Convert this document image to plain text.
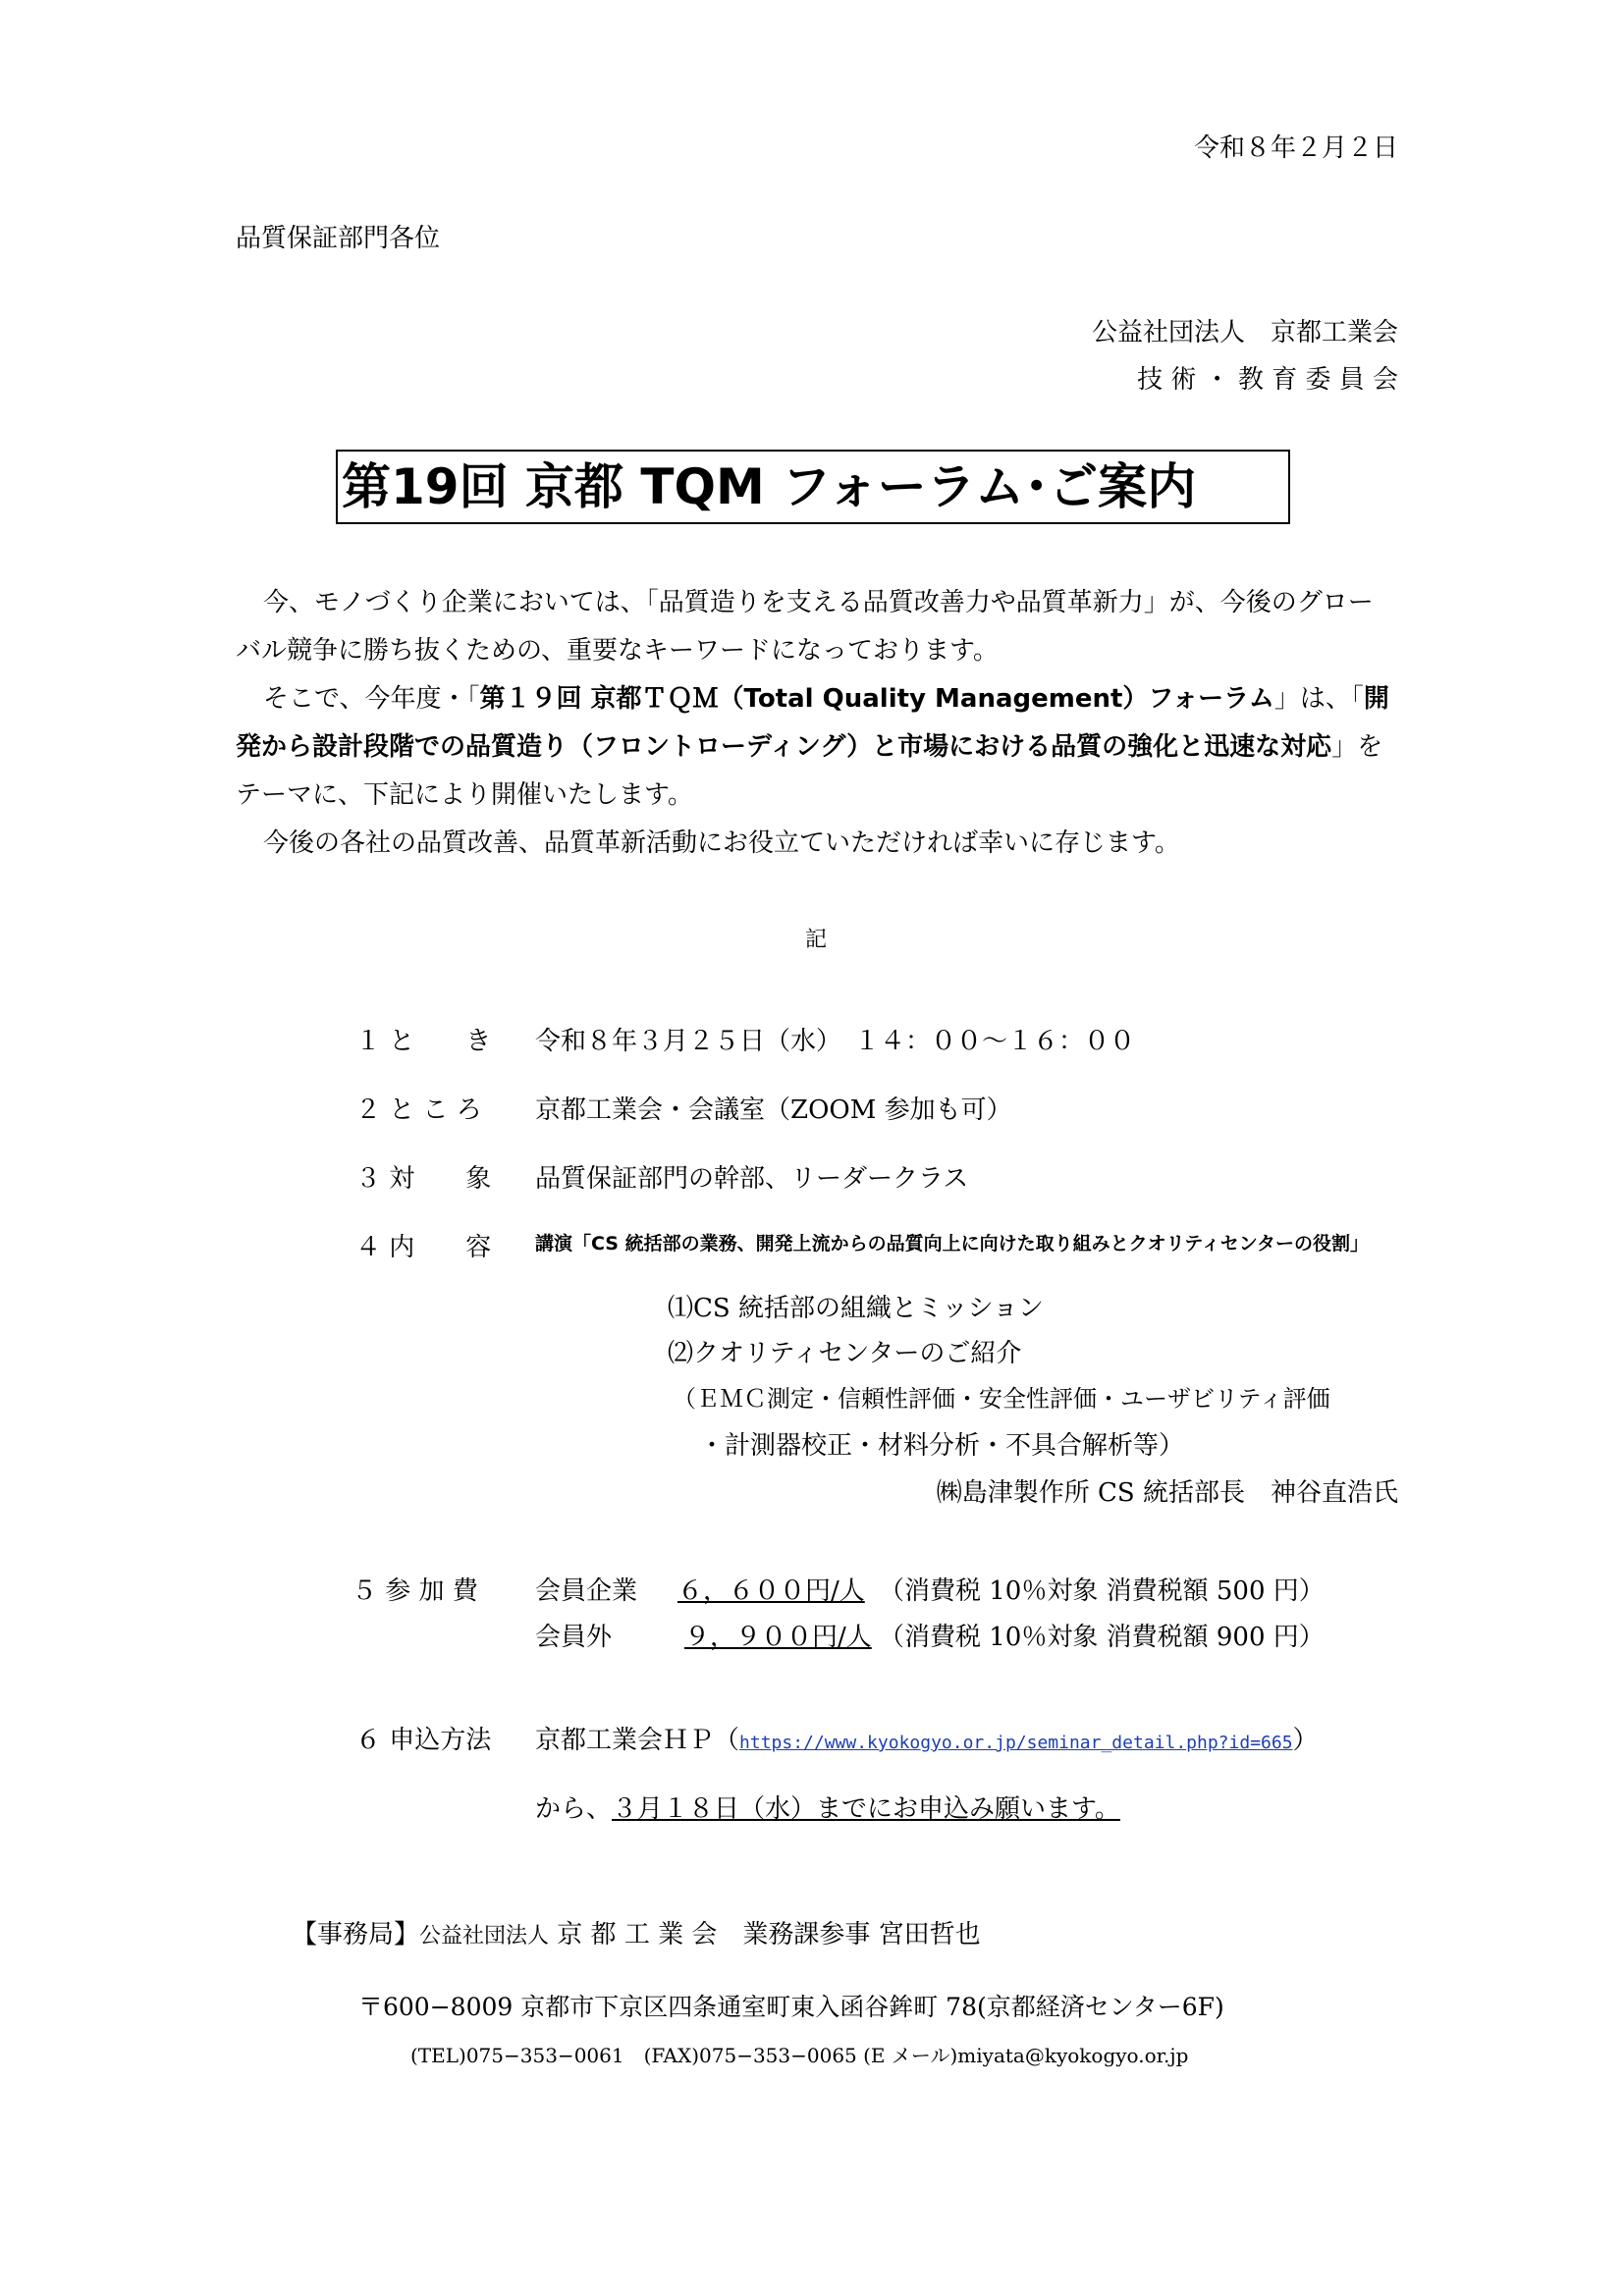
令和８年２月２日
品質保証部門各位
公益社団法人　京都工業会
技 術 ・ 教 育 委 員 会
第19回 京都 TQM フォーラム･ご案内

今、モノづくり企業においては、「品質造りを支える品質改善力や品質革新力」が、今後のグローバル競争に勝ち抜くための、重要なキーワードになっております。

そこで、今年度・「第１９回 京都ＴＱＭ（Total Quality Management）フォーラム」は、「開発から設計段階での品質造り（フロントローディング）と市場における品質の強化と迅速な対応」をテーマに、下記により開催いたします。

今後の各社の品質改善、品質革新活動にお役立ていただければ幸いに存じます。

記
１ と　　き 令和８年３月２５日（水）　１４：００〜１６：００
２ と こ ろ 京都工業会・会議室（ZOOM 参加も可）
３ 対　　象 品質保証部門の幹部、リーダークラス
４ 内　　容 講演「CS 統括部の業務、開発上流からの品質向上に向けた取り組みとクオリティセンターの役割」
⑴CS 統括部の組織とミッション
⑵クオリティセンターのご紹介
（ＥＭＣ測定・信頼性評価・安全性評価・ユーザビリティ評価
・計測器校正・材料分析・不具合解析等）
㈱島津製作所 CS 統括部長　神谷直浩氏
５ 参 加 費 会員企業 ６，６００円/人 （消費税 10％対象 消費税額 500 円）
会員外	９，９００円/人 （消費税 10％対象 消費税額 900 円）
６ 申込方法 京都工業会ＨＰ（https://www.kyokogyo.or.jp/seminar_detail.php?id=665）
から、３月１８日（水）までにお申込み願います。
【事務局】公益社団法人 京 都 工 業 会　 業務課参事 宮田哲也
〒600−8009 京都市下京区四条通室町東入函谷鉾町 78(京都経済センター6F)
(TEL)075−353−0061　(FAX)075−353−0065 (E メール)miyata@kyokogyo.or.jp
